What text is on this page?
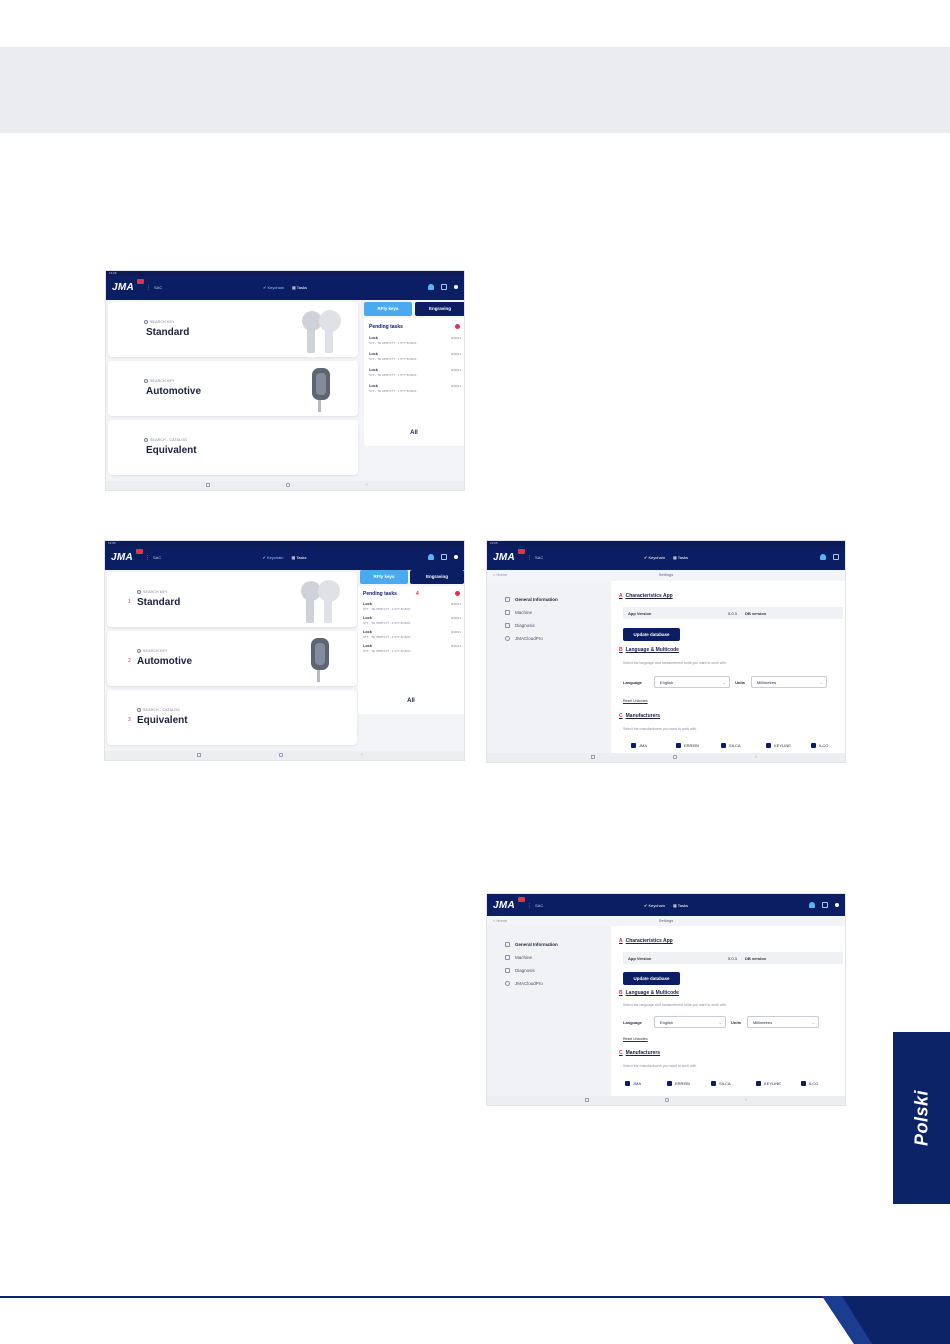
13:05
JMA ⋮ SAC	✔ Keychain ▦ Tasks
SEARCH KEY
Standard
SEARCH KEY
Automotive
SEARCH - CATALOG
Equivalent
RFly keys	Engraving
Pending tasks
Lock	8/18/21
STT · TE 7888 STT · 3 STT 8/18/21
Lock	8/18/21
STT · TE 7888 STT · 3 STT 8/18/21
Lock	8/18/21
STT · TE 7888 STT · 3 STT 8/18/21
Lock	8/18/21
STT · TE 7888 STT · 3 STT 8/18/21
All
‹
13:05
JMA ⋮ SAC	✔ Keychain ▦ Tasks
1
SEARCH KEY
Standard
2
SEARCH KEY
Automotive
3
SEARCH - CATALOG
Equivalent
RFly keys	Engraving
Pending tasks	4
Lock	8/18/21
STT · TE 7888 STT · 3 STT 8/18/21
Lock	8/18/21
STT · TE 7888 STT · 3 STT 8/18/21
Lock	8/18/21
STT · TE 7888 STT · 3 STT 8/18/21
Lock	8/18/21
STT · TE 7888 STT · 3 STT 8/18/21
All
‹
13:05
JMA ⋮ SAC	✔ Keychain ▦ Tasks
< Home	Settings
General Information
Machine
Diagnosis
JMACloudPro
A Characteristics App
App Version	5.0.3 DB version
Update database
B Language & Multicode
Select the language and measurement units you want to work with
Language	English	⌄ Units	Millimetres	⌄
Reset Unicodes
C Manufacturers
Select the manufacturers you want to work with
JMA	ERREBI	SILCA	KEYLINE	ILCO
‹
JMA ⋮ SAC	✔ Keychain ▦ Tasks
< Home	Settings
General Information
Machine
Diagnosis
JMACloudPro
A Characteristics App
App Version	5.0.3 DB version
Update database
B Language & Multicode
Select the language and measurement units you want to work with
Language	English	⌄ Units	Millimetres	⌄
Reset Unicodes
C Manufacturers
Select the manufacturers you want to work with
JMA	ERREBI	SILCA	KEYLINE	ILCO
‹	Polski
